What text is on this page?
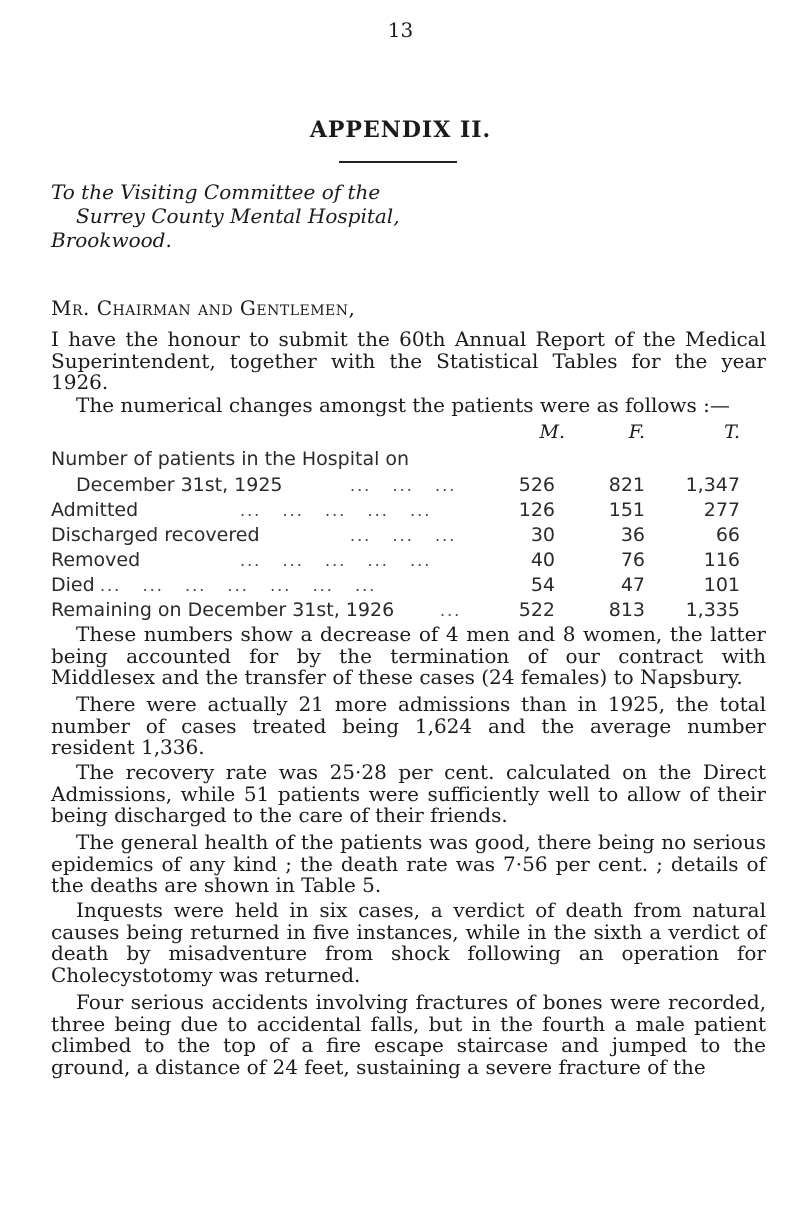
13
APPENDIX II.
To the Visiting Committee of the
Surrey County Mental Hospital,
Brookwood.
Mr. Chairman and Gentlemen,
I have the honour to submit the 60th Annual Report of the Medical Superintendent, together with the Statistical Tables for the year 1926.
The numerical changes amongst the patients were as follows :—
M.	F.	T.
Number of patients in the Hospital on
December 31st, 1925	...   ...   ...	526	821	1,347
Admitted	...   ...   ...   ...   ...	126	151	277
Discharged recovered	...   ...   ...	30	36	66
Removed	...   ...   ...   ...   ...	40	76	116
Died ...   ...   ...   ...   ...   ...   ...	54	47	101
Remaining on December 31st, 1926	...	522	813	1,335
These numbers show a decrease of 4 men and 8 women, the latter being accounted for by the termination of our contract with Middlesex and the transfer of these cases (24 females) to Napsbury.
There were actually 21 more admissions than in 1925, the total number of cases treated being 1,624 and the average number resident 1,336.
The recovery rate was 25·28 per cent. calculated on the Direct Admissions, while 51 patients were sufficiently well to allow of their being discharged to the care of their friends.
The general health of the patients was good, there being no serious epidemics of any kind ; the death rate was 7·56 per cent. ; details of the deaths are shown in Table 5.
Inquests were held in six cases, a verdict of death from natural causes being returned in five instances, while in the sixth a verdict of death by misadventure from shock following an operation for Cholecystotomy was returned.
Four serious accidents involving fractures of bones were recorded, three being due to accidental falls, but in the fourth a male patient climbed to the top of a fire escape staircase and jumped to the ground, a distance of 24 feet, sustaining a severe fracture of the
